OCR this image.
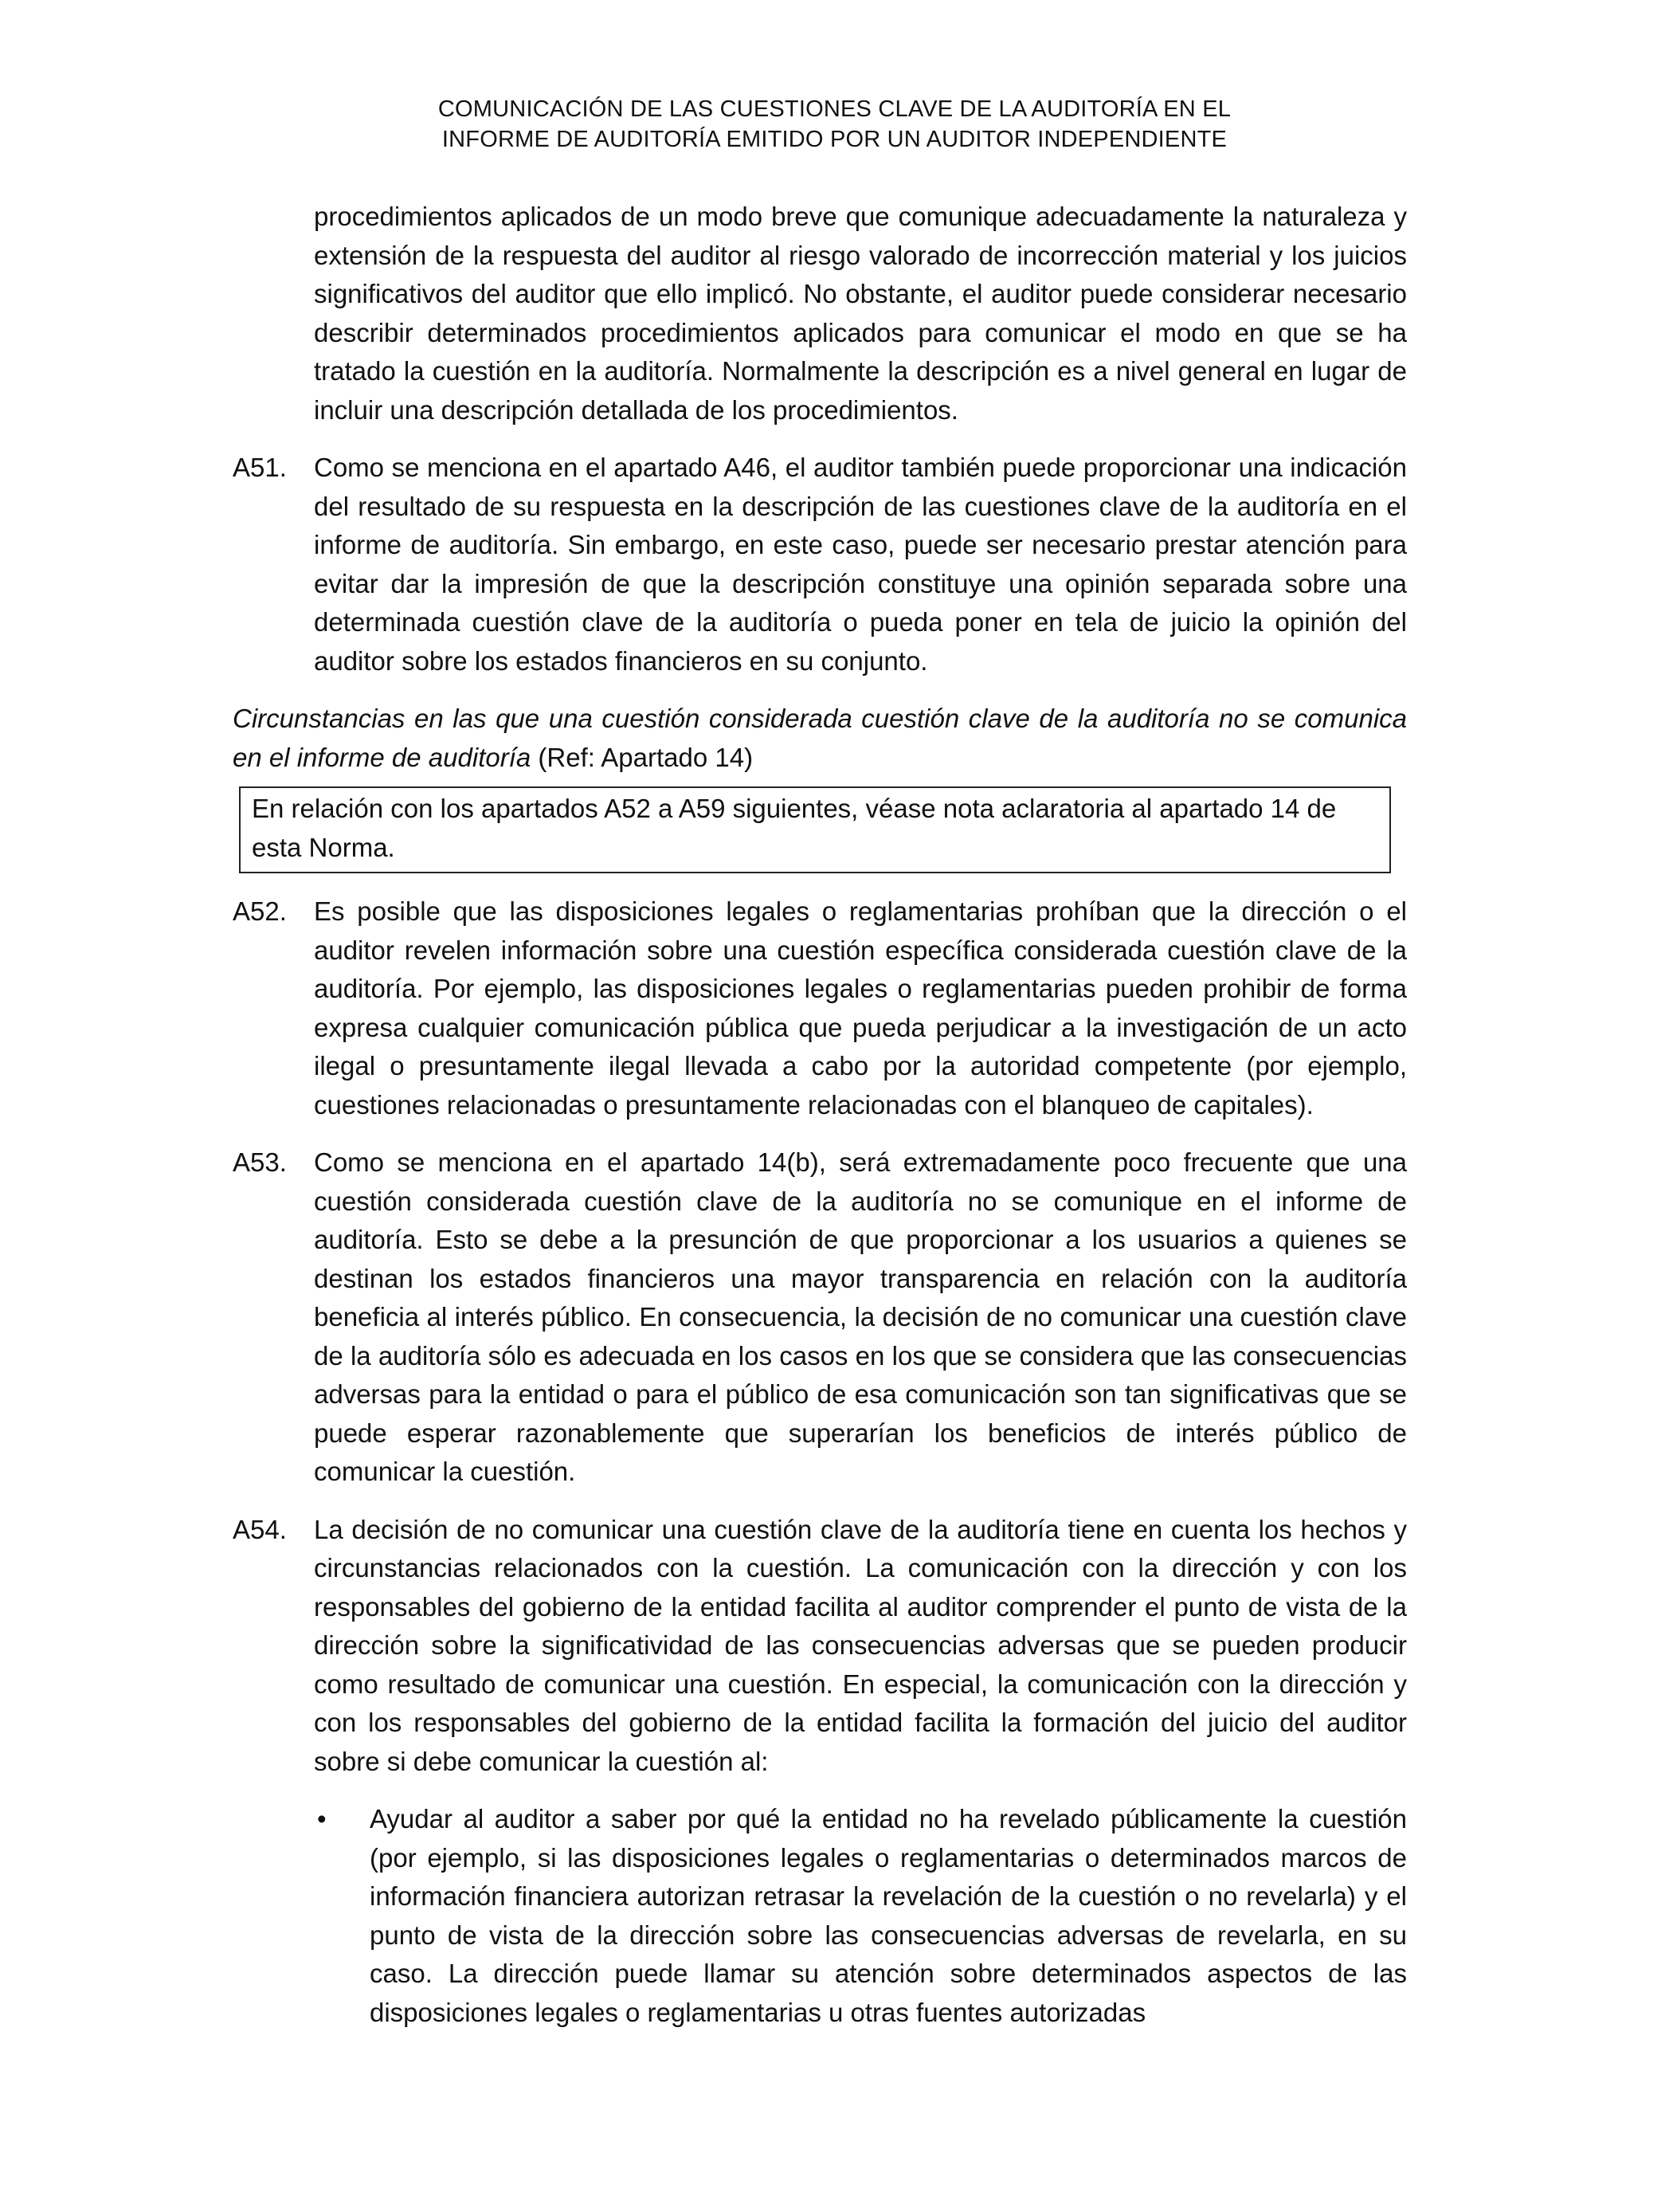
COMUNICACIÓN DE LAS CUESTIONES CLAVE DE LA AUDITORÍA EN EL
INFORME DE AUDITORÍA EMITIDO POR UN AUDITOR INDEPENDIENTE

procedimientos aplicados de un modo breve que comunique adecuadamente la naturaleza y extensión de la respuesta del auditor al riesgo valorado de incorrección material y los juicios significativos del auditor que ello implicó. No obstante, el auditor puede considerar necesario describir determinados procedimientos aplicados para comunicar el modo en que se ha tratado la cuestión en la auditoría. Normalmente la descripción es a nivel general en lugar de incluir una descripción detallada de los procedimientos.

A51.	Como se menciona en el apartado A46, el auditor también puede proporcionar una indicación del resultado de su respuesta en la descripción de las cuestiones clave de la auditoría en el informe de auditoría. Sin embargo, en este caso, puede ser necesario prestar atención para evitar dar la impresión de que la descripción constituye una opinión separada sobre una determinada cuestión clave de la auditoría o pueda poner en tela de juicio la opinión del auditor sobre los estados financieros en su conjunto.

Circunstancias en las que una cuestión considerada cuestión clave de la auditoría no se comunica en el informe de auditoría (Ref: Apartado 14)

En relación con los apartados A52 a A59 siguientes, véase nota aclaratoria al apartado 14 de esta Norma.
A52.	Es posible que las disposiciones legales o reglamentarias prohíban que la dirección o el auditor revelen información sobre una cuestión específica considerada cuestión clave de la auditoría. Por ejemplo, las disposiciones legales o reglamentarias pueden prohibir de forma expresa cualquier comunicación pública que pueda perjudicar a la investigación de un acto ilegal o presuntamente ilegal llevada a cabo por la autoridad competente (por ejemplo, cuestiones relacionadas o presuntamente relacionadas con el blanqueo de capitales).
A53.	Como se menciona en el apartado 14(b), será extremadamente poco frecuente que una cuestión considerada cuestión clave de la auditoría no se comunique en el informe de auditoría. Esto se debe a la presunción de que proporcionar a los usuarios a quienes se destinan los estados financieros una mayor transparencia en relación con la auditoría beneficia al interés público. En consecuencia, la decisión de no comunicar una cuestión clave de la auditoría sólo es adecuada en los casos en los que se considera que las consecuencias adversas para la entidad o para el público de esa comunicación son tan significativas que se puede esperar razonablemente que superarían los beneficios de interés público de comunicar la cuestión.
A54.	La decisión de no comunicar una cuestión clave de la auditoría tiene en cuenta los hechos y circunstancias relacionados con la cuestión. La comunicación con la dirección y con los responsables del gobierno de la entidad facilita al auditor comprender el punto de vista de la dirección sobre la significatividad de las consecuencias adversas que se pueden producir como resultado de comunicar una cuestión. En especial, la comunicación con la dirección y con los responsables del gobierno de la entidad facilita la formación del juicio del auditor sobre si debe comunicar la cuestión al:
•	Ayudar al auditor a saber por qué la entidad no ha revelado públicamente la cuestión (por ejemplo, si las disposiciones legales o reglamentarias o determinados marcos de información financiera autorizan retrasar la revelación de la cuestión o no revelarla) y el punto de vista de la dirección sobre las consecuencias adversas de revelarla, en su caso. La dirección puede llamar su atención sobre determinados aspectos de las disposiciones legales o reglamentarias u otras fuentes autorizadas
